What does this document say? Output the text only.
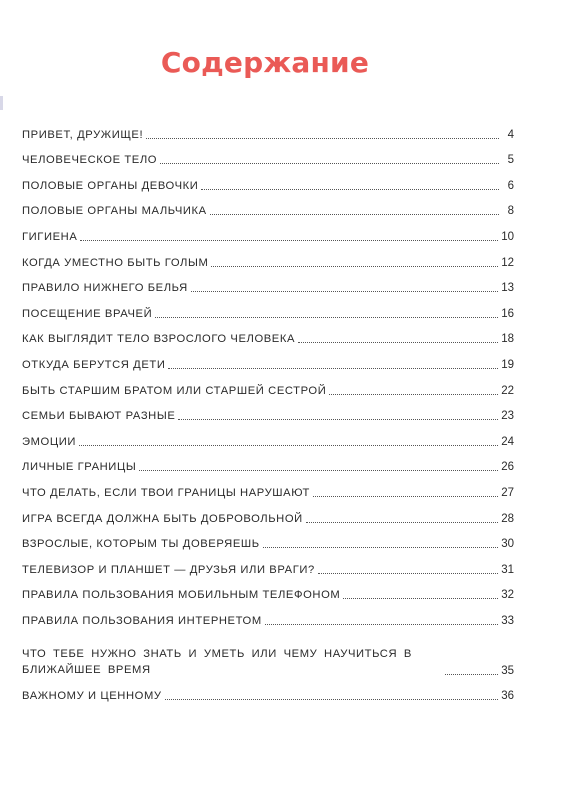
Содержание
ПРИВЕТ, ДРУЖИЩЕ!	4
ЧЕЛОВЕЧЕСКОЕ ТЕЛО	5
ПОЛОВЫЕ ОРГАНЫ ДЕВОЧКИ	6
ПОЛОВЫЕ ОРГАНЫ МАЛЬЧИКА	8
ГИГИЕНА	10
КОГДА УМЕСТНО БЫТЬ ГОЛЫМ	12
ПРАВИЛО НИЖНЕГО БЕЛЬЯ	13
ПОСЕЩЕНИЕ ВРАЧЕЙ	16
КАК ВЫГЛЯДИТ ТЕЛО ВЗРОСЛОГО ЧЕЛОВЕКА	18
ОТКУДА БЕРУТСЯ ДЕТИ	19
БЫТЬ СТАРШИМ БРАТОМ ИЛИ СТАРШЕЙ СЕСТРОЙ	22
СЕМЬИ БЫВАЮТ РАЗНЫЕ	23
ЭМОЦИИ	24
ЛИЧНЫЕ ГРАНИЦЫ	26
ЧТО ДЕЛАТЬ, ЕСЛИ ТВОИ ГРАНИЦЫ НАРУШАЮТ	27
ИГРА ВСЕГДА ДОЛЖНА БЫТЬ ДОБРОВОЛЬНОЙ	28
ВЗРОСЛЫЕ, КОТОРЫМ ТЫ ДОВЕРЯЕШЬ	30
ТЕЛЕВИЗОР И ПЛАНШЕТ — ДРУЗЬЯ ИЛИ ВРАГИ?	31
ПРАВИЛА ПОЛЬЗОВАНИЯ МОБИЛЬНЫМ ТЕЛЕФОНОМ	32
ПРАВИЛА ПОЛЬЗОВАНИЯ ИНТЕРНЕТОМ	33
ЧТО ТЕБЕ НУЖНО ЗНАТЬ И УМЕТЬ ИЛИ ЧЕМУ НАУЧИТЬСЯ В БЛИЖАЙШЕЕ ВРЕМЯ	35
ВАЖНОМУ И ЦЕННОМУ	36
